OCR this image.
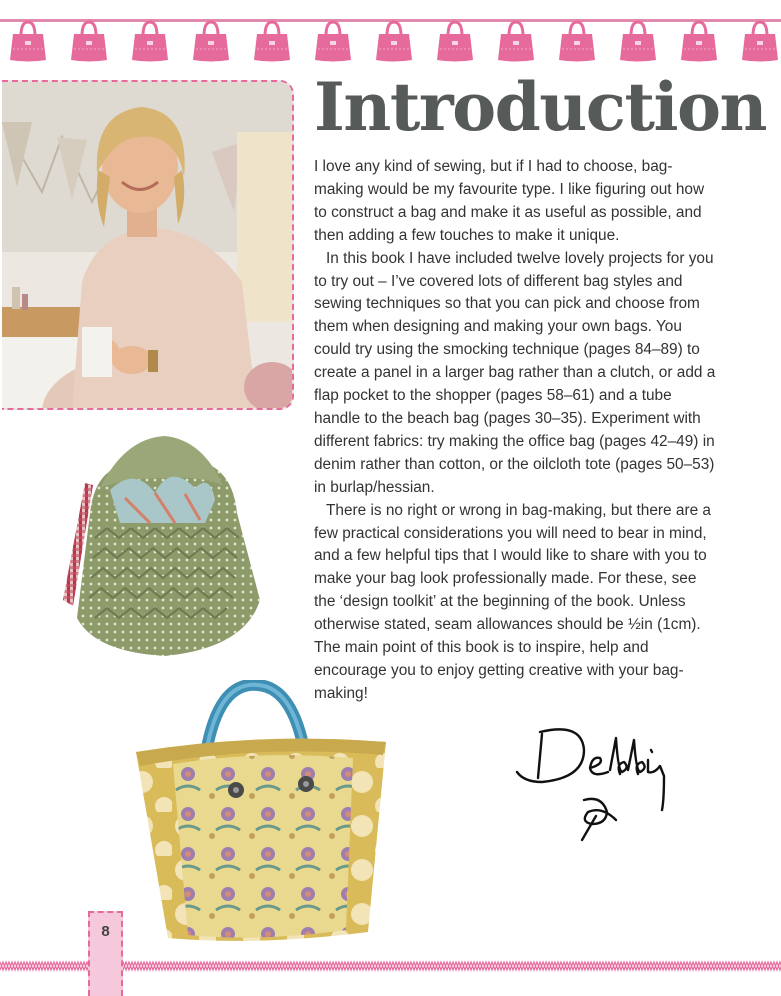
Introduction

I love any kind of sewing, but if I had to choose, bag-making would be my favourite type. I like figuring out how to construct a bag and make it as useful as possible, and then adding a few touches to make it unique.

In this book I have included twelve lovely projects for you to try out – I’ve covered lots of different bag styles and sewing techniques so that you can pick and choose from them when designing and making your own bags. You could try using the smocking technique (pages 84–89) to create a panel in a larger bag rather than a clutch, or add a flap pocket to the shopper (pages 58–61) and a tube handle to the beach bag (pages 30–35). Experiment with different fabrics: try making the office bag (pages 42–49) in denim rather than cotton, or the oilcloth tote (pages 50–53) in burlap/hessian.

There is no right or wrong in bag-making, but there are a few practical considerations you will need to bear in mind, and a few helpful tips that I would like to share with you to make your bag look professionally made. For these, see the ‘design toolkit’ at the beginning of the book. Unless otherwise stated, seam allowances should be ½in (1cm). The main point of this book is to inspire, help and encourage you to enjoy getting creative with your bag-making!

8
